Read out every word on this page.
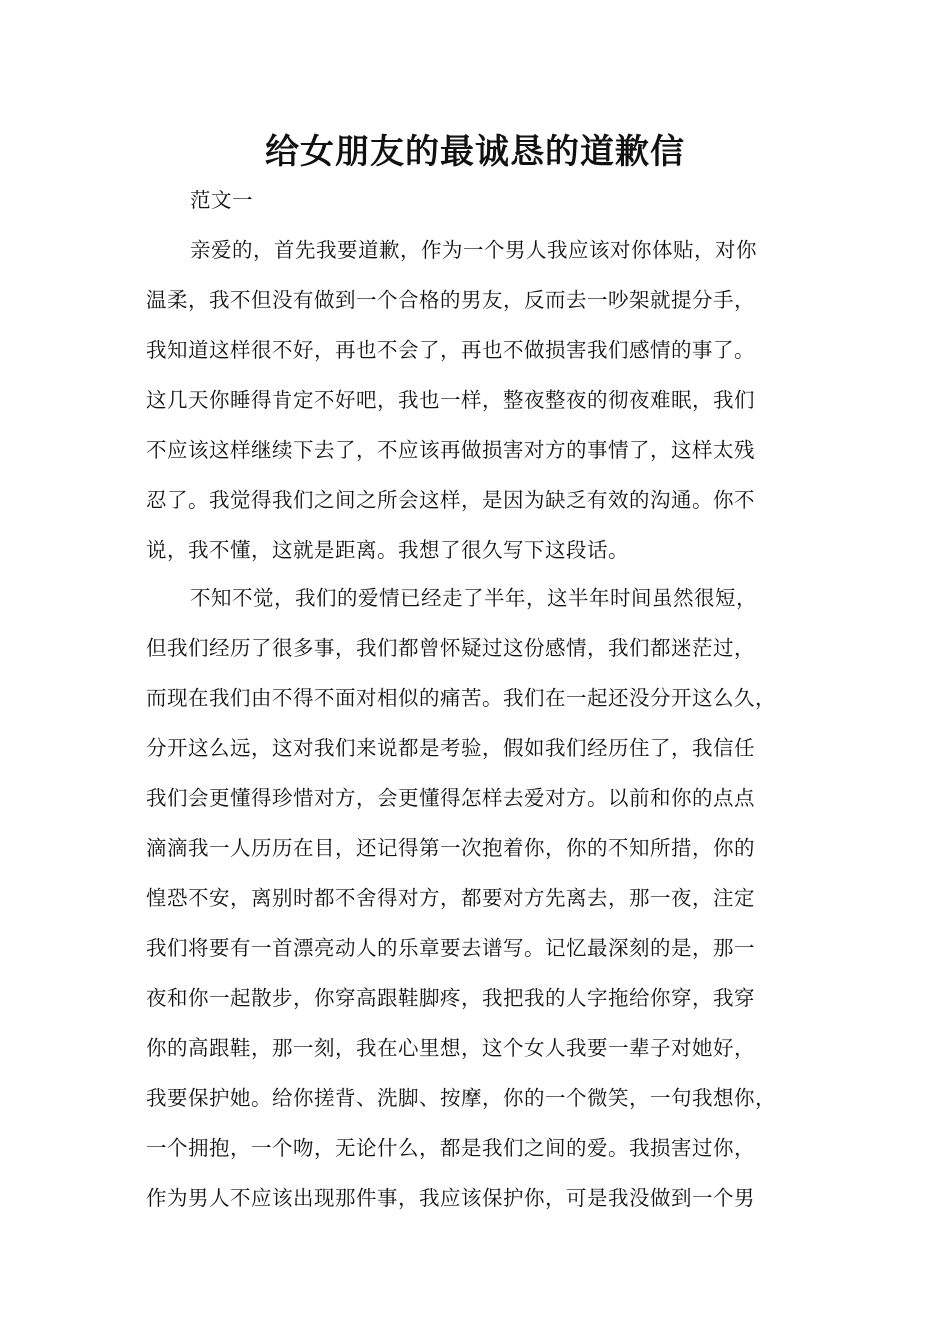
给女朋友的最诚恳的道歉信
范文一
亲爱的，首先我要道歉，作为一个男人我应该对你体贴，对你
温柔，我不但没有做到一个合格的男友，反而去一吵架就提分手，
我知道这样很不好，再也不会了，再也不做损害我们感情的事了。
这几天你睡得肯定不好吧，我也一样，整夜整夜的彻夜难眠，我们
不应该这样继续下去了，不应该再做损害对方的事情了，这样太残
忍了。我觉得我们之间之所会这样，是因为缺乏有效的沟通。你不
说，我不懂，这就是距离。我想了很久写下这段话。
不知不觉，我们的爱情已经走了半年，这半年时间虽然很短，
但我们经历了很多事，我们都曾怀疑过这份感情，我们都迷茫过，
而现在我们由不得不面对相似的痛苦。我们在一起还没分开这么久，
分开这么远，这对我们来说都是考验，假如我们经历住了，我信任
我们会更懂得珍惜对方，会更懂得怎样去爱对方。以前和你的点点
滴滴我一人历历在目，还记得第一次抱着你，你的不知所措，你的
惶恐不安，离别时都不舍得对方，都要对方先离去，那一夜，注定
我们将要有一首漂亮动人的乐章要去谱写。记忆最深刻的是，那一
夜和你一起散步，你穿高跟鞋脚疼，我把我的人字拖给你穿，我穿
你的高跟鞋，那一刻，我在心里想，这个女人我要一辈子对她好，
我要保护她。给你搓背、洗脚、按摩，你的一个微笑，一句我想你，
一个拥抱，一个吻，无论什么，都是我们之间的爱。我损害过你，
作为男人不应该出现那件事，我应该保护你，可是我没做到一个男
